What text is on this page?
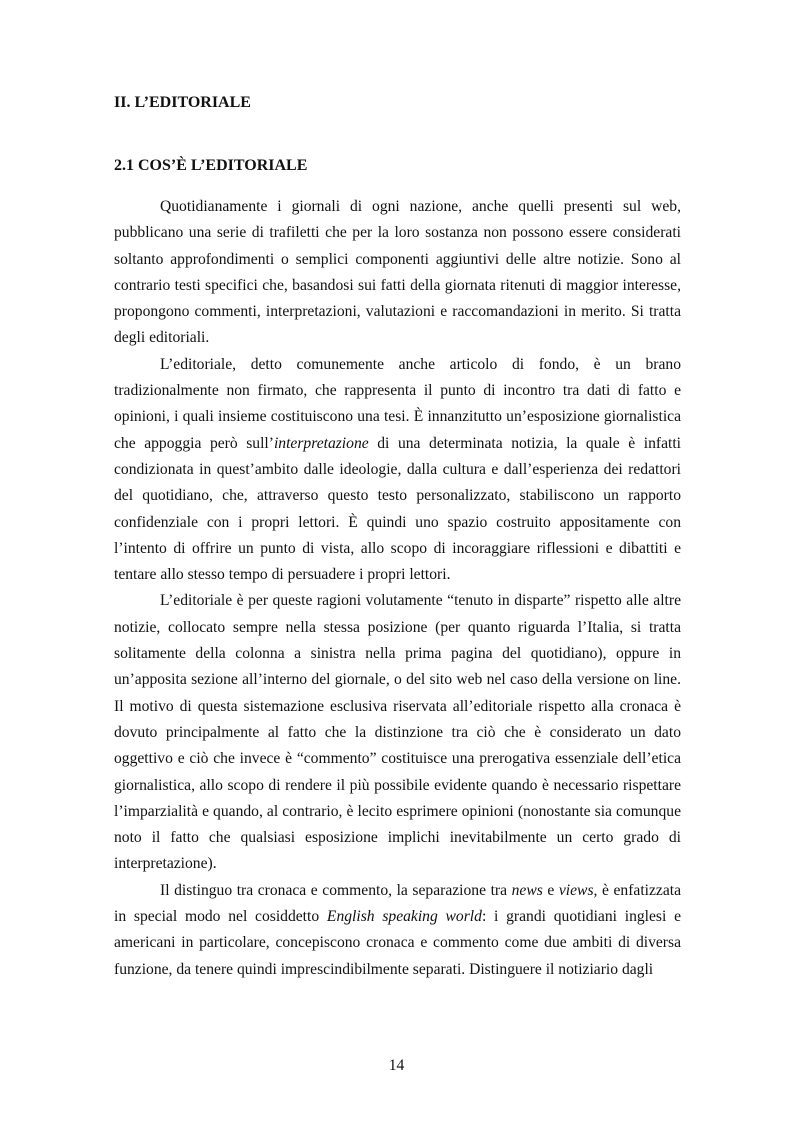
II. L’EDITORIALE
2.1 COS’È L’EDITORIALE

Quotidianamente i giornali di ogni nazione, anche quelli presenti sul web, pubblicano una serie di trafiletti che per la loro sostanza non possono essere considerati soltanto approfondimenti o semplici componenti aggiuntivi delle altre notizie. Sono al contrario testi specifici che, basandosi sui fatti della giornata ritenuti di maggior interesse, propongono commenti, interpretazioni, valutazioni e raccomandazioni in merito. Si tratta degli editoriali.

L’editoriale, detto comunemente anche articolo di fondo, è un brano tradizionalmente non firmato, che rappresenta il punto di incontro tra dati di fatto e opinioni, i quali insieme costituiscono una tesi. È innanzitutto un’esposizione giornalistica che appoggia però sull’interpretazione di una determinata notizia, la quale è infatti condizionata in quest’ambito dalle ideologie, dalla cultura e dall’esperienza dei redattori del quotidiano, che, attraverso questo testo personalizzato, stabiliscono un rapporto confidenziale con i propri lettori. È quindi uno spazio costruito appositamente con l’intento di offrire un punto di vista, allo scopo di incoraggiare riflessioni e dibattiti e tentare allo stesso tempo di persuadere i propri lettori.

L’editoriale è per queste ragioni volutamente “tenuto in disparte” rispetto alle altre notizie, collocato sempre nella stessa posizione (per quanto riguarda l’Italia, si tratta solitamente della colonna a sinistra nella prima pagina del quotidiano), oppure in un’apposita sezione all’interno del giornale, o del sito web nel caso della versione on line. Il motivo di questa sistemazione esclusiva riservata all’editoriale rispetto alla cronaca è dovuto principalmente al fatto che la distinzione tra ciò che è considerato un dato oggettivo e ciò che invece è “commento” costituisce una prerogativa essenziale dell’etica giornalistica, allo scopo di rendere il più possibile evidente quando è necessario rispettare l’imparzialità e quando, al contrario, è lecito esprimere opinioni (nonostante sia comunque noto il fatto che qualsiasi esposizione implichi inevitabilmente un certo grado di interpretazione).

Il distinguo tra cronaca e commento, la separazione tra news e views, è enfatizzata in special modo nel cosiddetto English speaking world: i grandi quotidiani inglesi e americani in particolare, concepiscono cronaca e commento come due ambiti di diversa funzione, da tenere quindi imprescindibilmente separati. Distinguere il notiziario dagli

14
